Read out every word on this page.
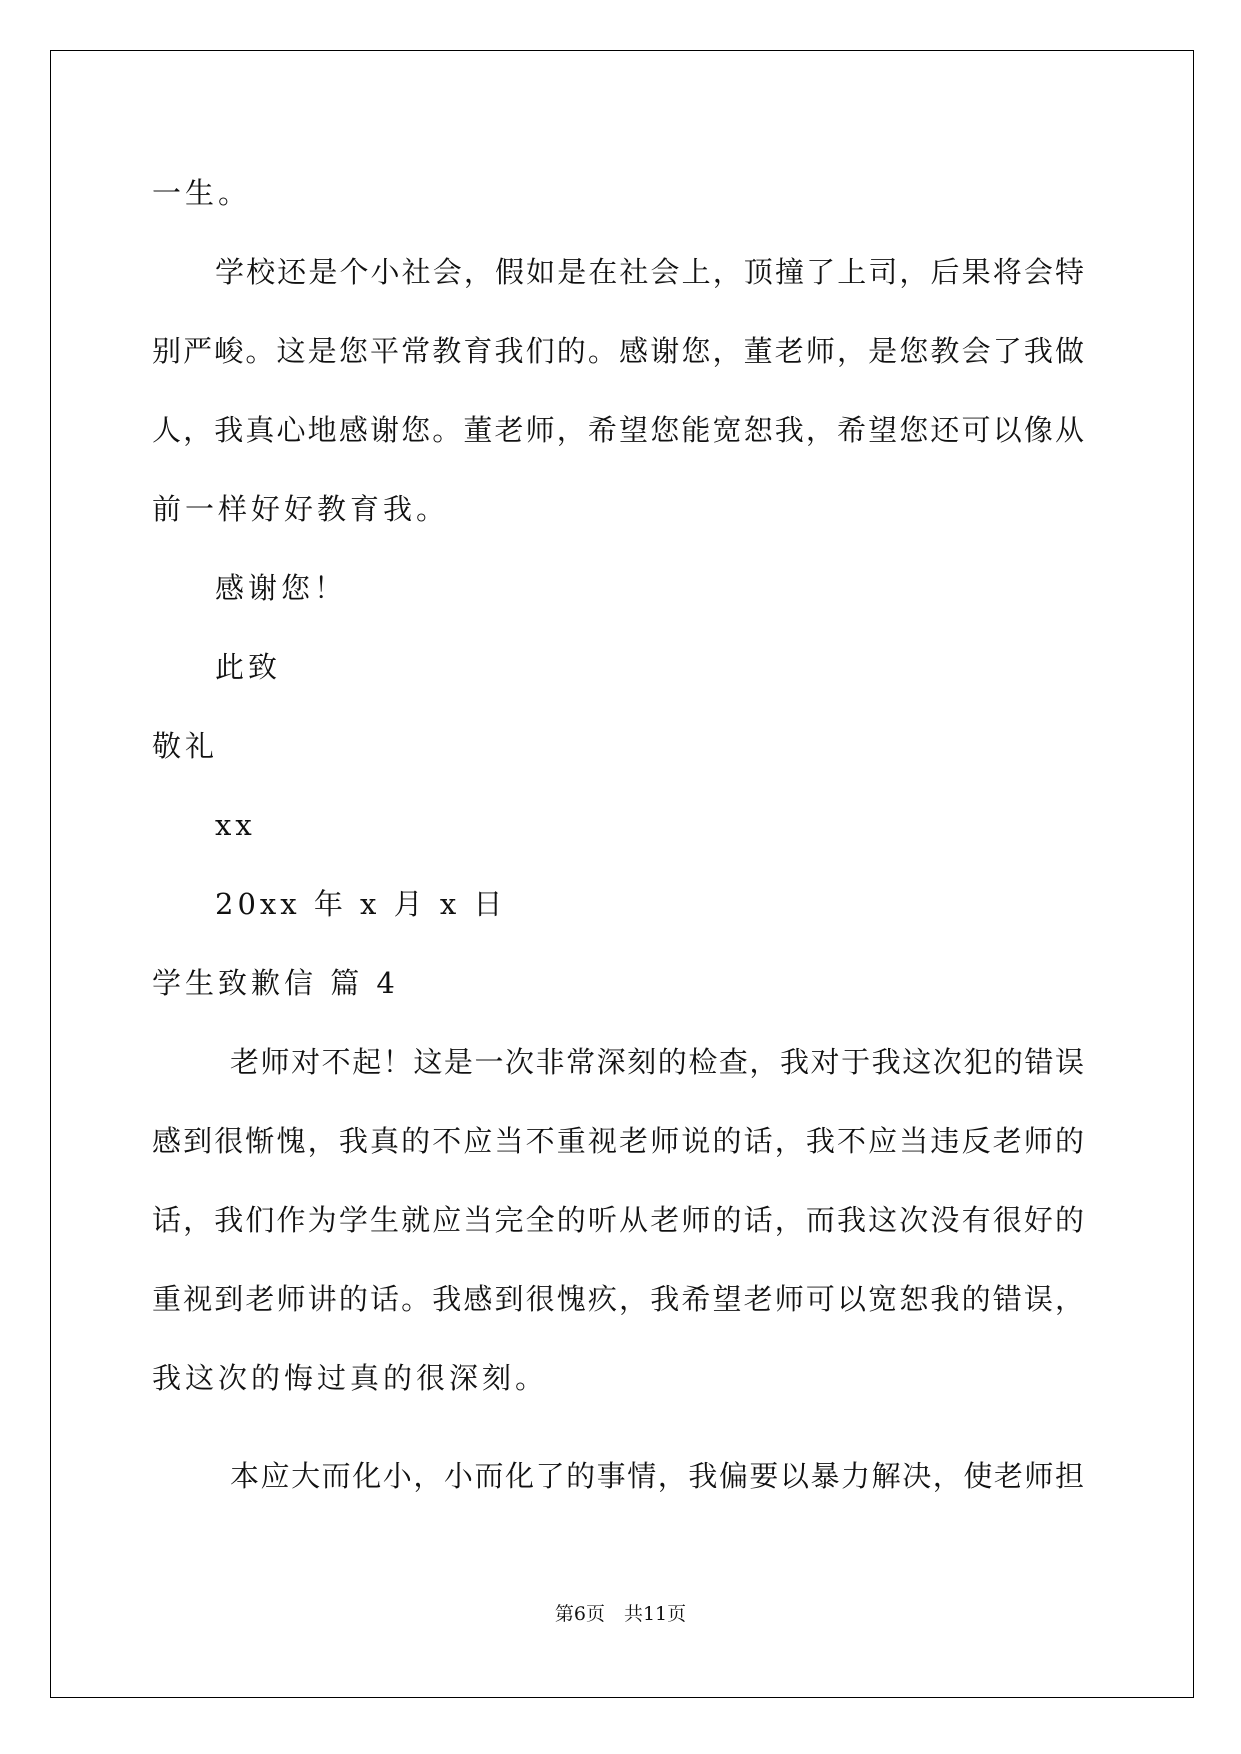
一生。
学校还是个小社会，假如是在社会上，顶撞了上司，后果将会特
别严峻。这是您平常教育我们的。感谢您，董老师，是您教会了我做
人，我真心地感谢您。董老师，希望您能宽恕我，希望您还可以像从
前一样好好教育我。
感谢您！
此致
敬礼
xx
20xx 年 x 月 x 日
学生致歉信 篇 4
老师对不起！这是一次非常深刻的检查，我对于我这次犯的错误
感到很惭愧，我真的不应当不重视老师说的话，我不应当违反老师的
话，我们作为学生就应当完全的听从老师的话，而我这次没有很好的
重视到老师讲的话。我感到很愧疚，我希望老师可以宽恕我的错误，
我这次的悔过真的很深刻。
本应大而化小，小而化了的事情，我偏要以暴力解决，使老师担
第6页　共11页
